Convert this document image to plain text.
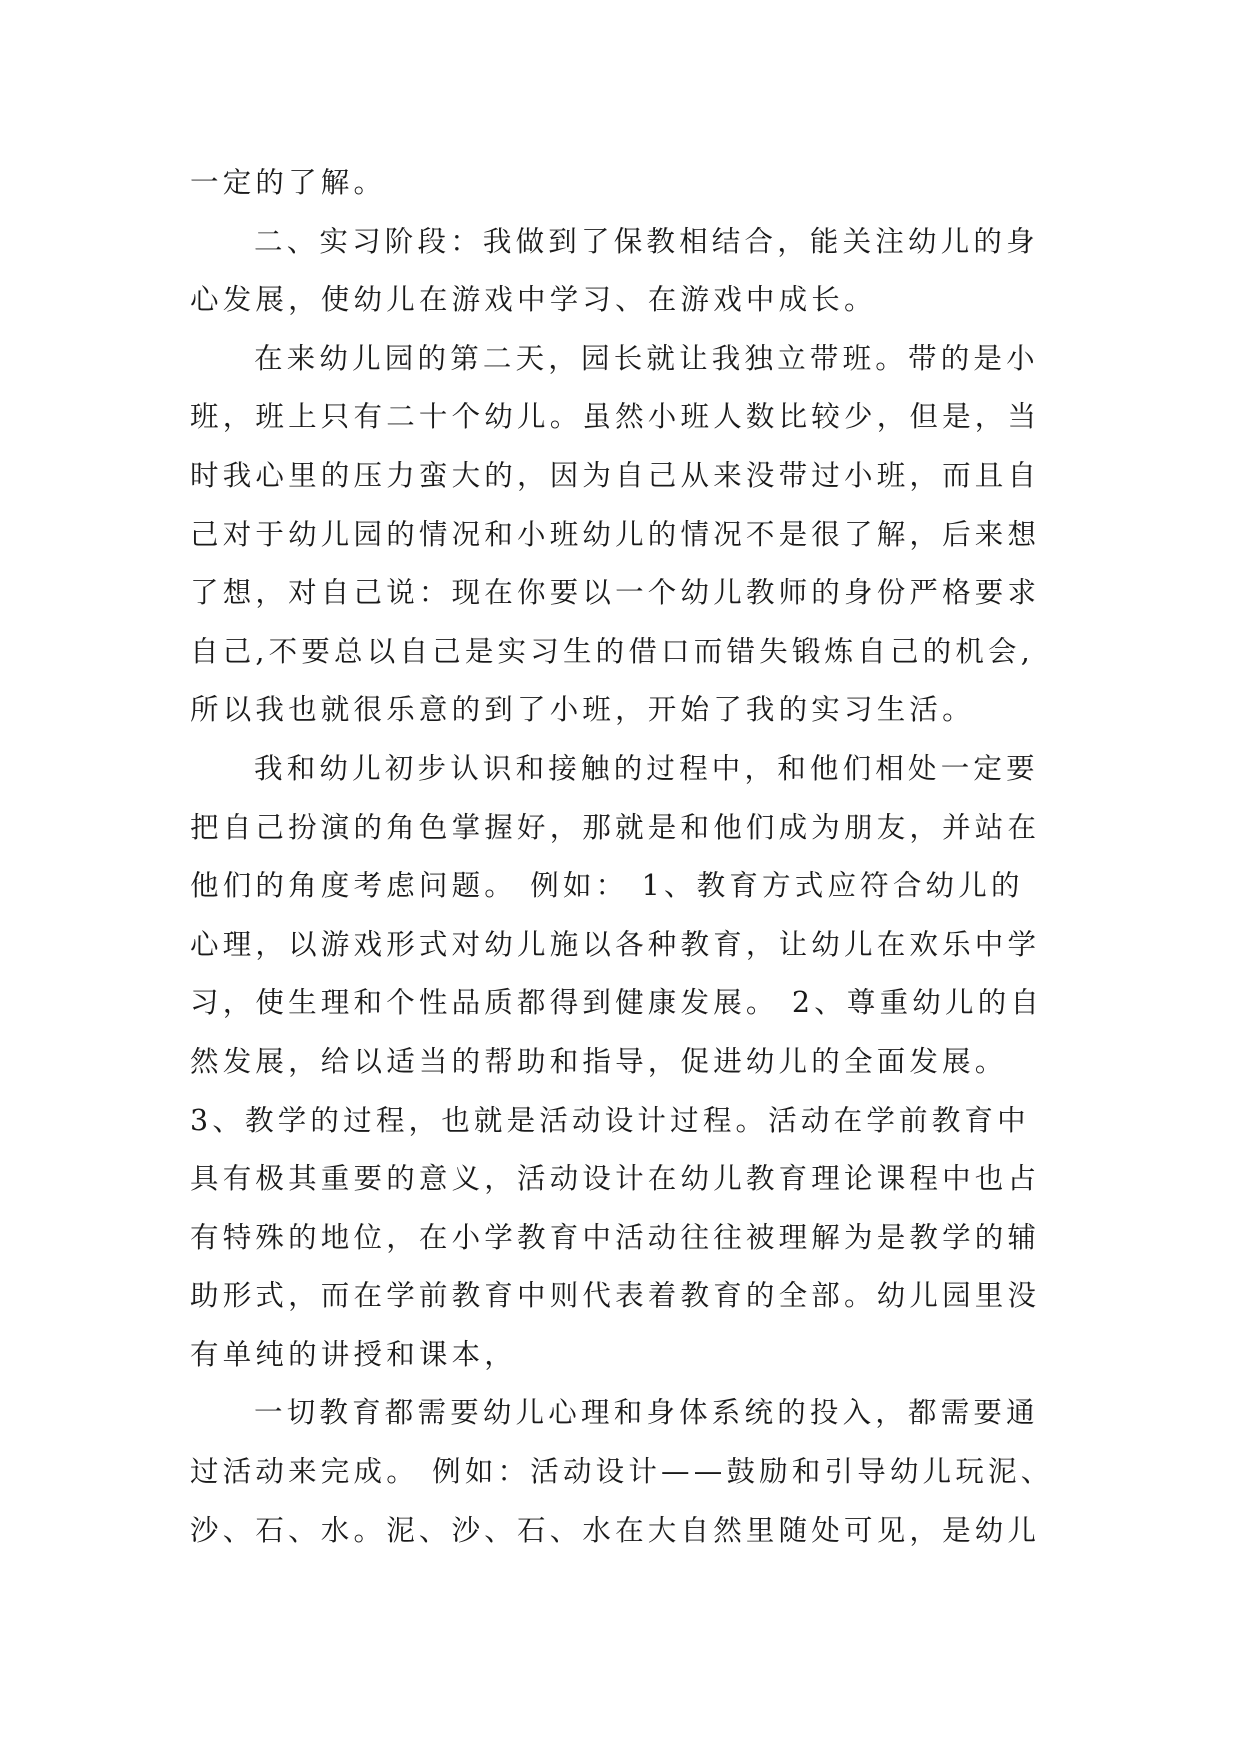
一定的了解。
二、实习阶段：我做到了保教相结合，能关注幼儿的身
心发展，使幼儿在游戏中学习、在游戏中成长。
在来幼儿园的第二天，园长就让我独立带班。带的是小
班，班上只有二十个幼儿。虽然小班人数比较少，但是，当
时我心里的压力蛮大的，因为自己从来没带过小班，而且自
己对于幼儿园的情况和小班幼儿的情况不是很了解，后来想
了想，对自己说：现在你要以一个幼儿教师的身份严格要求
自己,不要总以自己是实习生的借口而错失锻炼自己的机会,
所以我也就很乐意的到了小班，开始了我的实习生活。
我和幼儿初步认识和接触的过程中，和他们相处一定要
把自己扮演的角色掌握好，那就是和他们成为朋友，并站在
他们的角度考虑问题。 例如： 1、教育方式应符合幼儿的
心理，以游戏形式对幼儿施以各种教育，让幼儿在欢乐中学
习，使生理和个性品质都得到健康发展。 2、尊重幼儿的自
然发展，给以适当的帮助和指导，促进幼儿的全面发展。
3、教学的过程，也就是活动设计过程。活动在学前教育中
具有极其重要的意义，活动设计在幼儿教育理论课程中也占
有特殊的地位，在小学教育中活动往往被理解为是教学的辅
助形式，而在学前教育中则代表着教育的全部。幼儿园里没
有单纯的讲授和课本，
一切教育都需要幼儿心理和身体系统的投入，都需要通
过活动来完成。 例如：活动设计——鼓励和引导幼儿玩泥、
沙、石、水。泥、沙、石、水在大自然里随处可见，是幼儿
